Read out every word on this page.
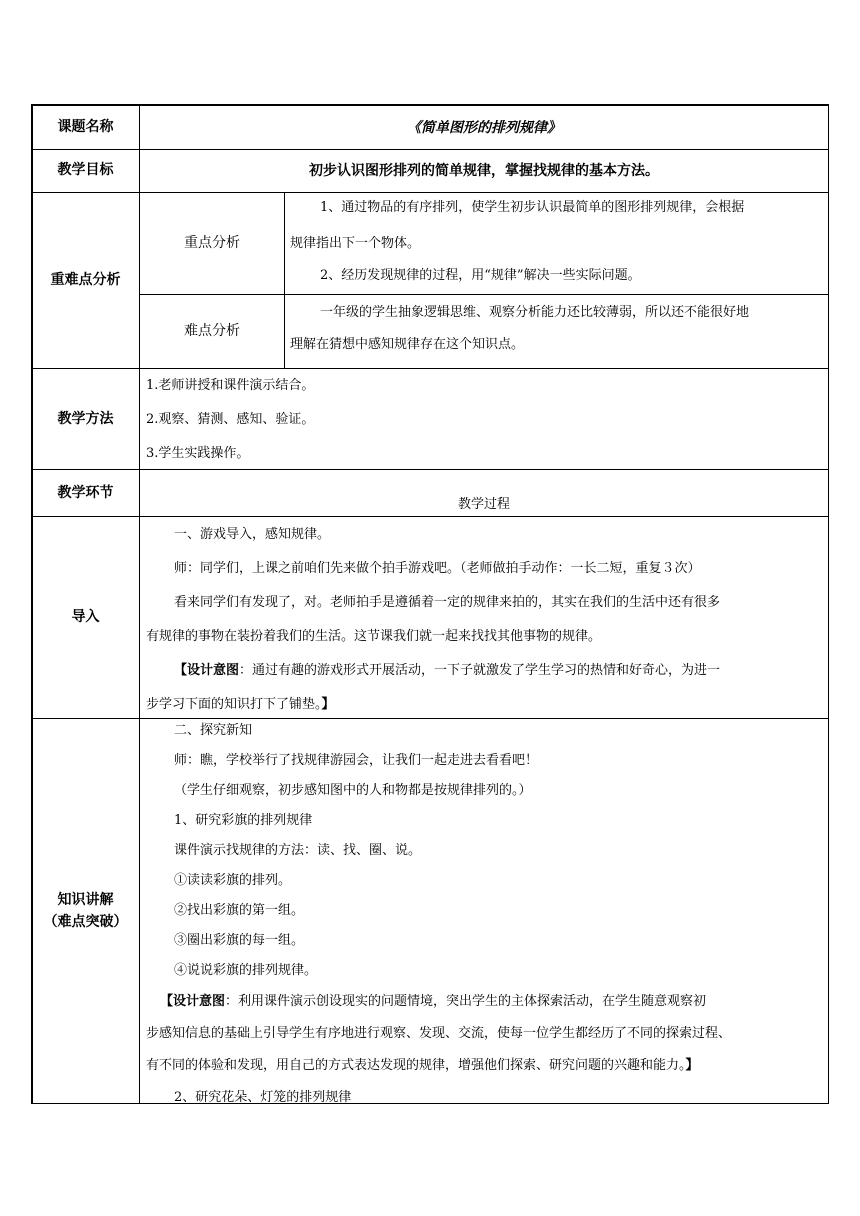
课题名称	《简单图形的排列规律》
教学目标	初步认识图形排列的简单规律，掌握找规律的基本方法。
重难点分析
重点分析

1、通过物品的有序排列，使学生初步认识最简单的图形排列规律，会根据

规律指出下一个物体。

2、经历发现规律的过程，用“规律”解决一些实际问题。

难点分析

一年级的学生抽象逻辑思维、观察分析能力还比较薄弱，所以还不能很好地

理解在猜想中感知规律存在这个知识点。

教学方法

1.老师讲授和课件演示结合。

2.观察、猜测、感知、验证。

3.学生实践操作。

教学环节
教学过程
导入

一、游戏导入，感知规律。

师：同学们，上课之前咱们先来做个拍手游戏吧。（老师做拍手动作：一长二短，重复３次）

看来同学们有发现了，对。老师拍手是遵循着一定的规律来拍的，其实在我们的生活中还有很多

有规律的事物在装扮着我们的生活。这节课我们就一起来找找其他事物的规律。

【设计意图：通过有趣的游戏形式开展活动，一下子就激发了学生学习的热情和好奇心，为进一

步学习下面的知识打下了铺垫。】

知识讲解
（难点突破）

二、探究新知

师：瞧，学校举行了找规律游园会，让我们一起走进去看看吧！

（学生仔细观察，初步感知图中的人和物都是按规律排列的。）

1、研究彩旗的排列规律

课件演示找规律的方法：读、找、圈、说。

①读读彩旗的排列。

②找出彩旗的第一组。

③圈出彩旗的每一组。

④说说彩旗的排列规律。

【设计意图：利用课件演示创设现实的问题情境，突出学生的主体探索活动，在学生随意观察初

步感知信息的基础上引导学生有序地进行观察、发现、交流，使每一位学生都经历了不同的探索过程、

有不同的体验和发现，用自己的方式表达发现的规律，增强他们探索、研究问题的兴趣和能力。】

2、研究花朵、灯笼的排列规律
